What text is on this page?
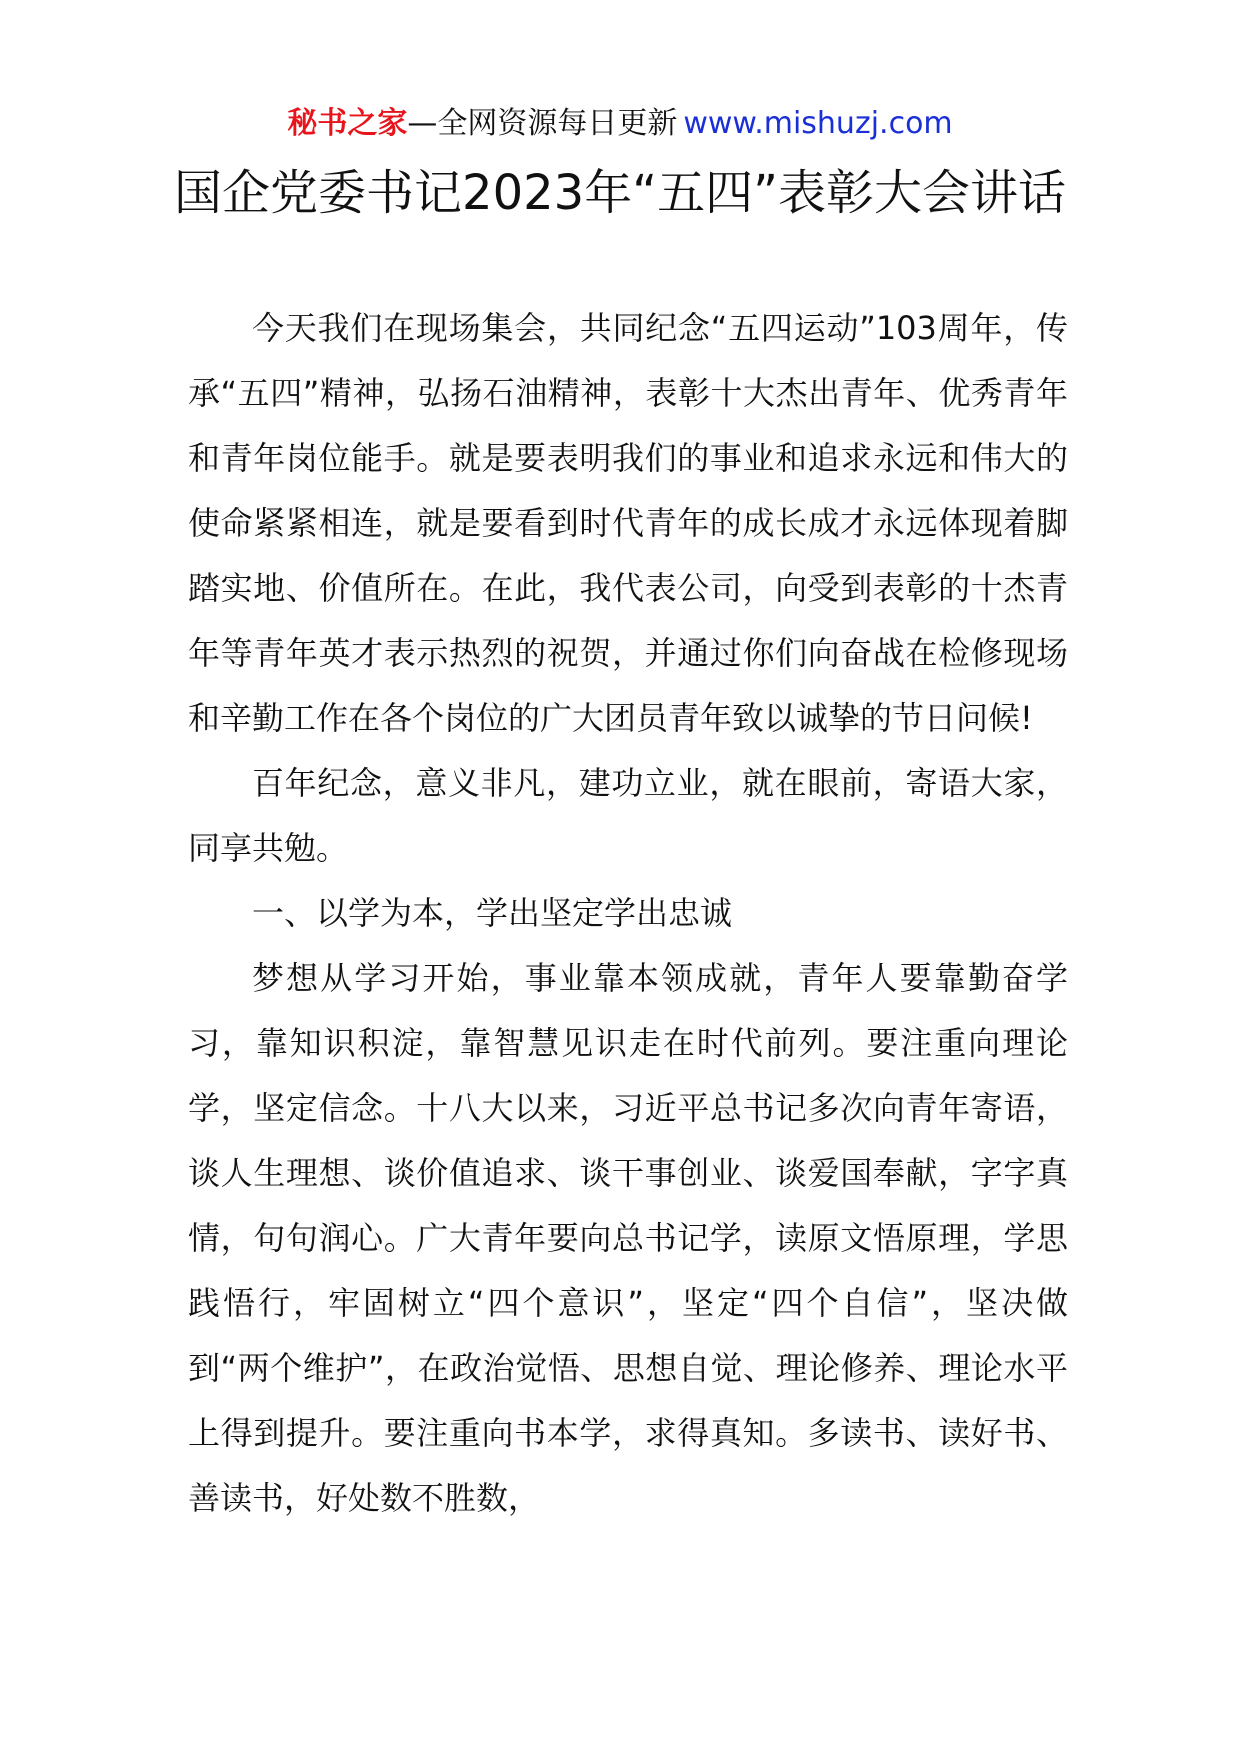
秘书之家—全网资源每日更新 www.mishuzj.com
国企党委书记2023年“五四”表彰大会讲话

今天我们在现场集会，共同纪念“五四运动”103周年，传承“五四”精神，弘扬石油精神，表彰十大杰出青年、优秀青年和青年岗位能手。就是要表明我们的事业和追求永远和伟大的使命紧紧相连，就是要看到时代青年的成长成才永远体现着脚踏实地、价值所在。在此，我代表公司，向受到表彰的十杰青年等青年英才表示热烈的祝贺，并通过你们向奋战在检修现场和辛勤工作在各个岗位的广大团员青年致以诚挚的节日问候!

百年纪念，意义非凡，建功立业，就在眼前，寄语大家，同享共勉。

一、以学为本，学出坚定学出忠诚

梦想从学习开始，事业靠本领成就，青年人要靠勤奋学习，靠知识积淀，靠智慧见识走在时代前列。要注重向理论学，坚定信念。十八大以来，习近平总书记多次向青年寄语，谈人生理想、谈价值追求、谈干事创业、谈爱国奉献，字字真情，句句润心。广大青年要向总书记学，读原文悟原理，学思践悟行，牢固树立“四个意识”，坚定“四个自信”，坚决做到“两个维护”，在政治觉悟、思想自觉、理论修养、理论水平上得到提升。要注重向书本学，求得真知。多读书、读好书、善读书，好处数不胜数，
